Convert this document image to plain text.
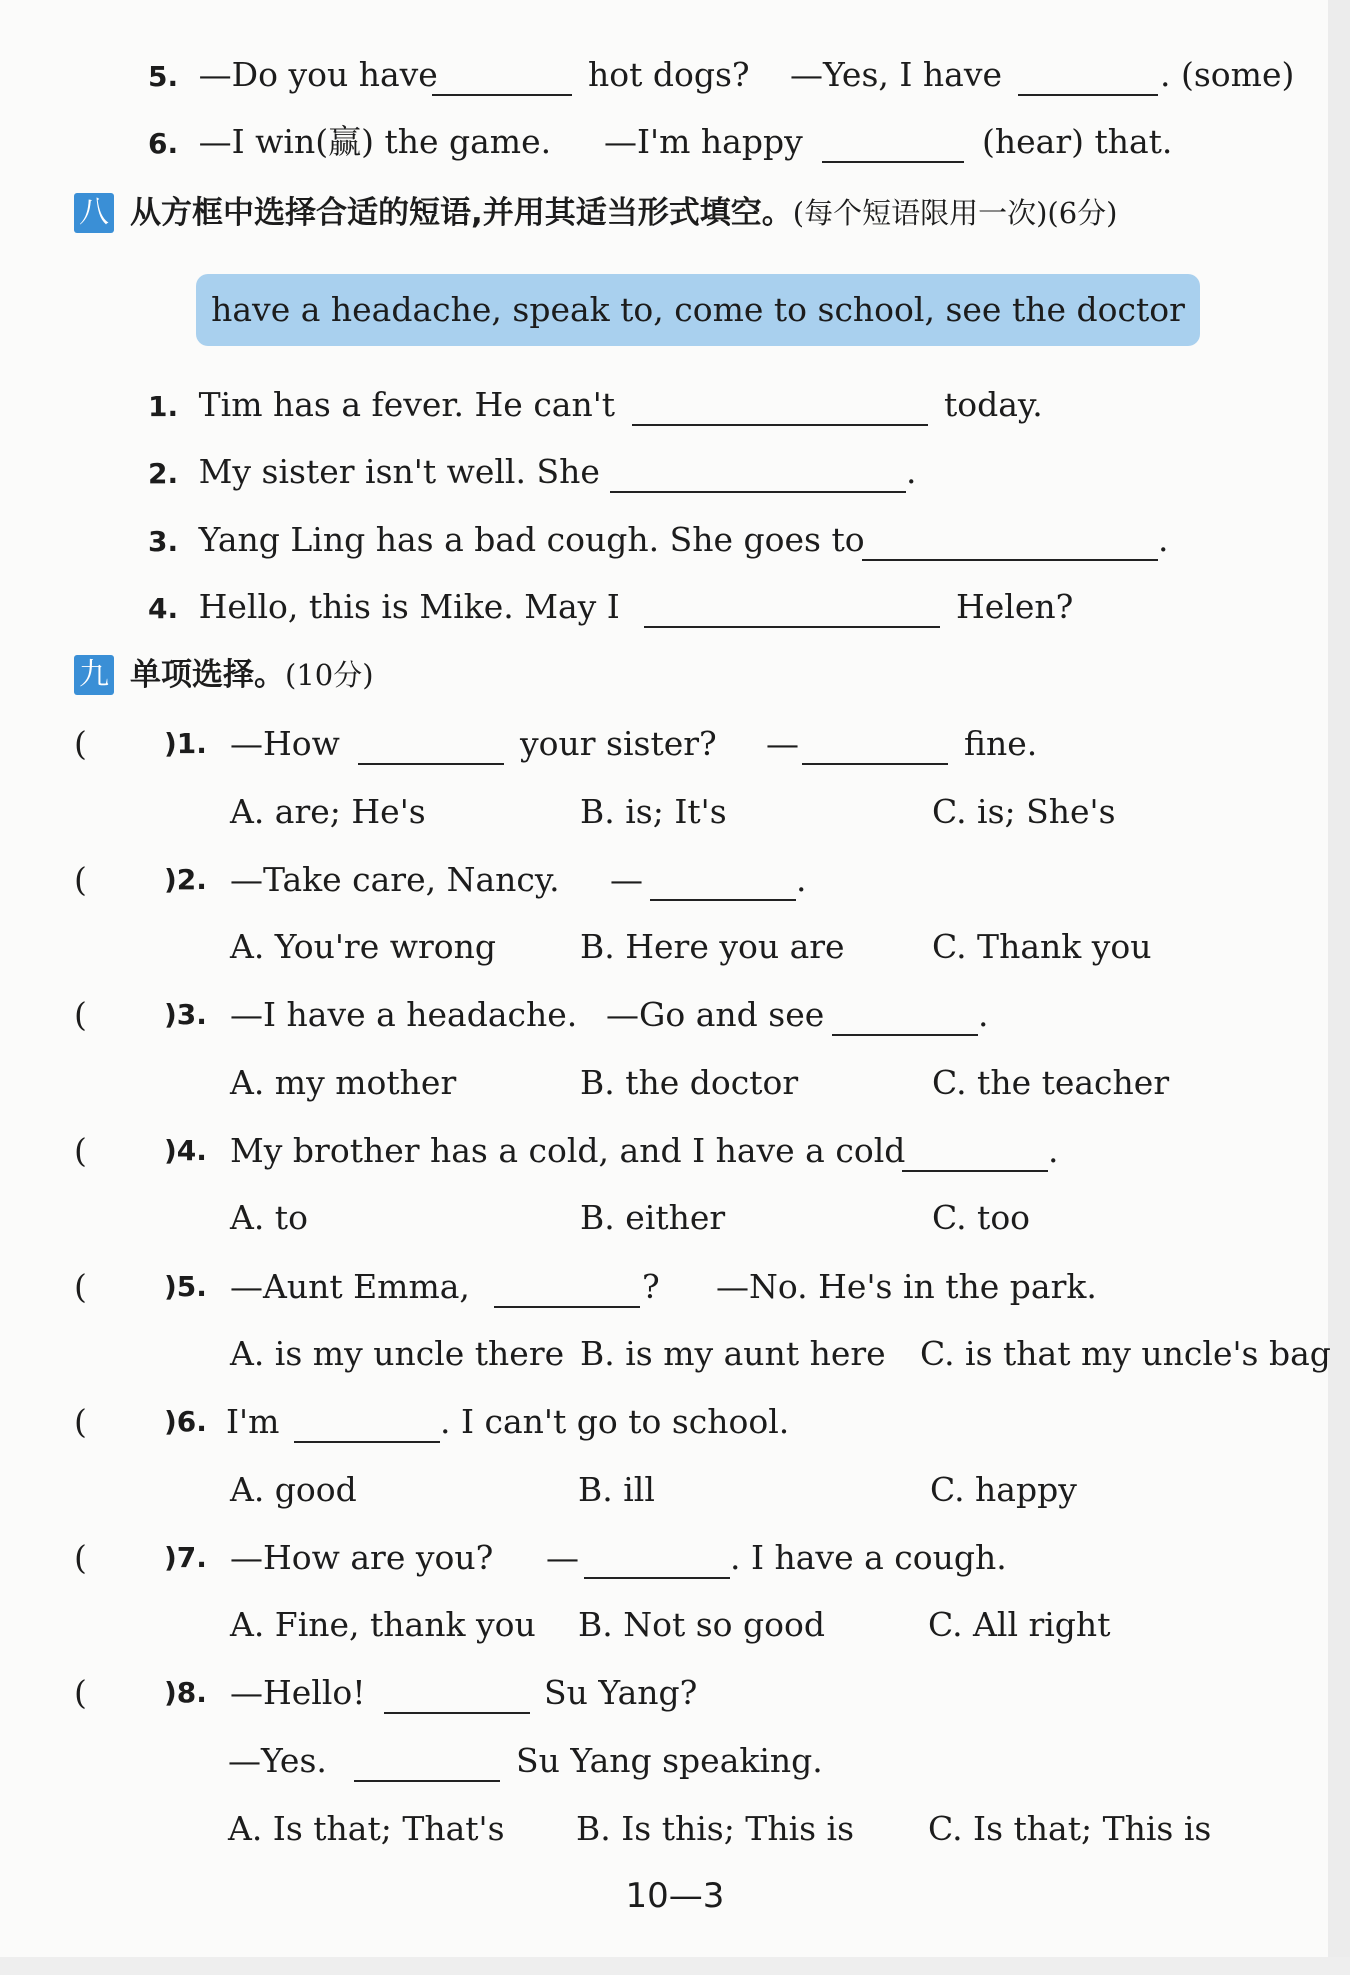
5. —Do you have	hot dogs? —Yes, I have	. (some)
6. —I win(赢) the game. —I'm happy	(hear) that.
八 从方框中选择合适的短语,并用其适当形式填空。(每个短语限用一次)(6分)
have a headache, speak to, come to school, see the doctor
1. Tim has a fever. He can't	today.
2. My sister isn't well. She	.
3. Yang Ling has a bad cough. She goes to	.
4. Hello, this is Mike. May I	Helen?
九 单项选择。(10分)
(	)1. —How	your sister? —	fine.
A. are; He's	B. is; It's	C. is; She's
(	)2. —Take care, Nancy. —	.
A. You're wrong	B. Here you are	C. Thank you
(	)3. —I have a headache. —Go and see	.
A. my mother	B. the doctor	C. the teacher
(	)4. My brother has a cold, and I have a cold	.
A. to	B. either	C. too
(	)5. —Aunt Emma,	? —No. He's in the park.
A. is my uncle there B. is my aunt here C. is that my uncle's bag
(	)6. I'm	. I can't go to school.
A. good	B. ill	C. happy
(	)7. —How are you? —	. I have a cough.
A. Fine, thank you B. Not so good	C. All right
(	)8. —Hello!	Su Yang?
—Yes.	Su Yang speaking.
A. Is that; That's B. Is this; This is C. Is that; This is
10—3
